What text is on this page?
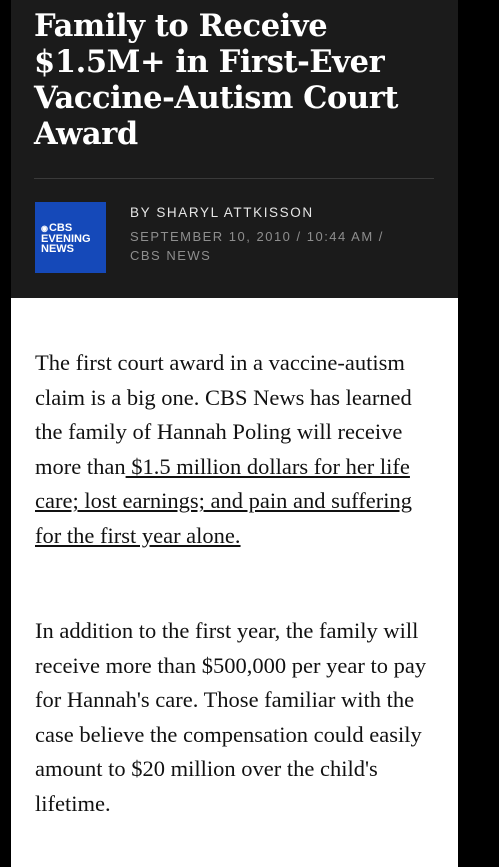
Family to Receive $1.5M+ in First-Ever Vaccine-Autism Court Award
◉CBS
EVENING
NEWS
BY SHARYL ATTKISSON
SEPTEMBER 10, 2010 / 10:44 AM / CBS NEWS

The first court award in a vaccine-autism claim is a big one. CBS News has learned the family of Hannah Poling will receive more than $1.5 million dollars for her life care; lost earnings; and pain and suffering for the first year alone.

In addition to the first year, the family will receive more than $500,000 per year to pay for Hannah's care. Those familiar with the case believe the compensation could easily amount to $20 million over the child's lifetime.
